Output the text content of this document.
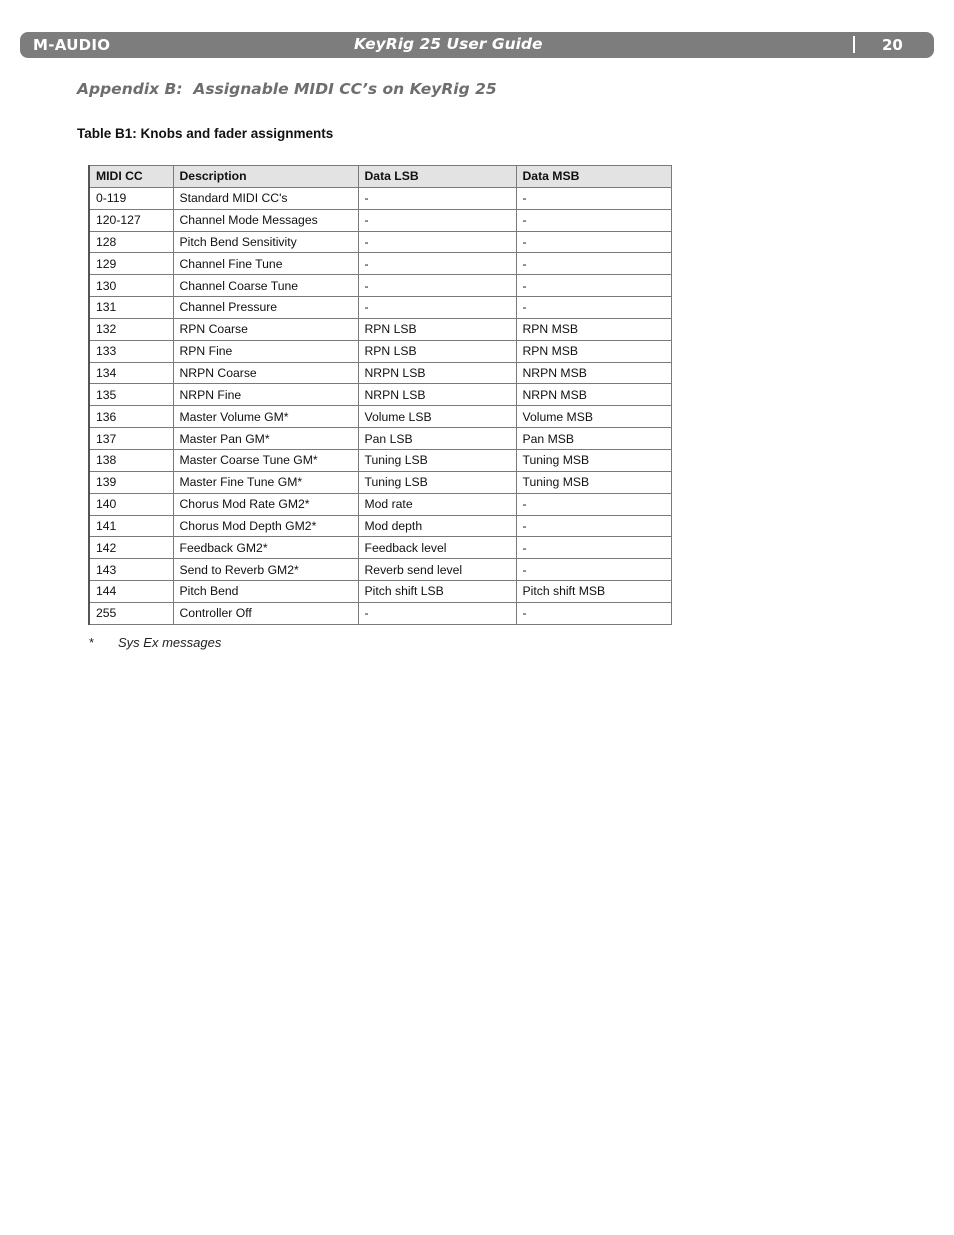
M-AUDIO	KeyRig 25 User Guide	20
Appendix B:  Assignable MIDI CC’s on KeyRig 25
Table B1: Knobs and fader assignments
MIDI CC	Description	Data LSB	Data MSB
0-119	Standard MIDI CC's	-	-
120-127	Channel Mode Messages	-	-
128	Pitch Bend Sensitivity	-	-
129	Channel Fine Tune	-	-
130	Channel Coarse Tune	-	-
131	Channel Pressure	-	-
132	RPN Coarse	RPN LSB	RPN MSB
133	RPN Fine	RPN LSB	RPN MSB
134	NRPN Coarse	NRPN LSB	NRPN MSB
135	NRPN Fine	NRPN LSB	NRPN MSB
136	Master Volume GM*	Volume LSB	Volume MSB
137	Master Pan GM*	Pan LSB	Pan MSB
138	Master Coarse Tune GM*	Tuning LSB	Tuning MSB
139	Master Fine Tune GM*	Tuning LSB	Tuning MSB
140	Chorus Mod Rate GM2*	Mod rate	-
141	Chorus Mod Depth GM2*	Mod depth	-
142	Feedback GM2*	Feedback level	-
143	Send to Reverb GM2*	Reverb send level	-
144	Pitch Bend	Pitch shift LSB	Pitch shift MSB
255	Controller Off	-	-
* Sys Ex messages
